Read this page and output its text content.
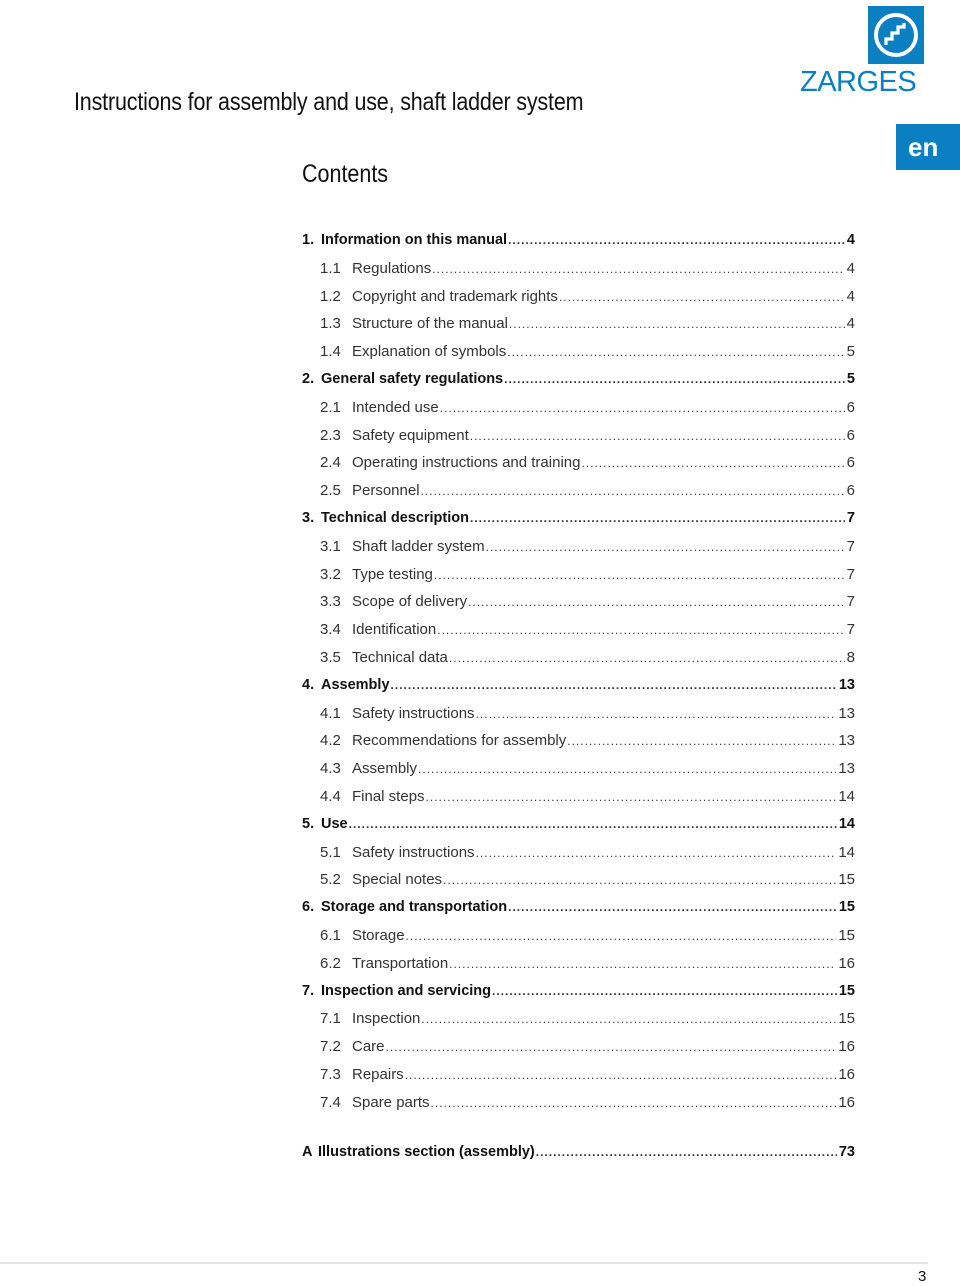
Instructions for assembly and use, shaft ladder system
ZARGES
en
Contents
1. Information on this manual .....	4
1.1 Regulations .....	4
1.2 Copyright and trademark rights .....	4
1.3 Structure of the manual .....	4
1.4 Explanation of symbols .....	5
2. General safety regulations .....	5
2.1 Intended use .....	6
2.3 Safety equipment .....	6
2.4 Operating instructions and training .....	6
2.5 Personnel .....	6
3. Technical description .....	7
3.1 Shaft ladder system .....	7
3.2 Type testing .....	7
3.3 Scope of delivery .....	7
3.4 Identification .....	7
3.5 Technical data .....	8
4. Assembly .....	13
4.1 Safety instructions .....	13
4.2 Recommendations for assembly .....	13
4.3 Assembly .....	13
4.4 Final steps .....	14
5. Use .....	14
5.1 Safety instructions .....	14
5.2 Special notes .....	15
6. Storage and transportation .....	15
6.1 Storage .....	15
6.2 Transportation .....	16
7. Inspection and servicing .....	15
7.1 Inspection .....	15
7.2 Care .....	16
7.3 Repairs .....	16
7.4 Spare parts .....	16
A Illustrations section (assembly) .....	73
3
